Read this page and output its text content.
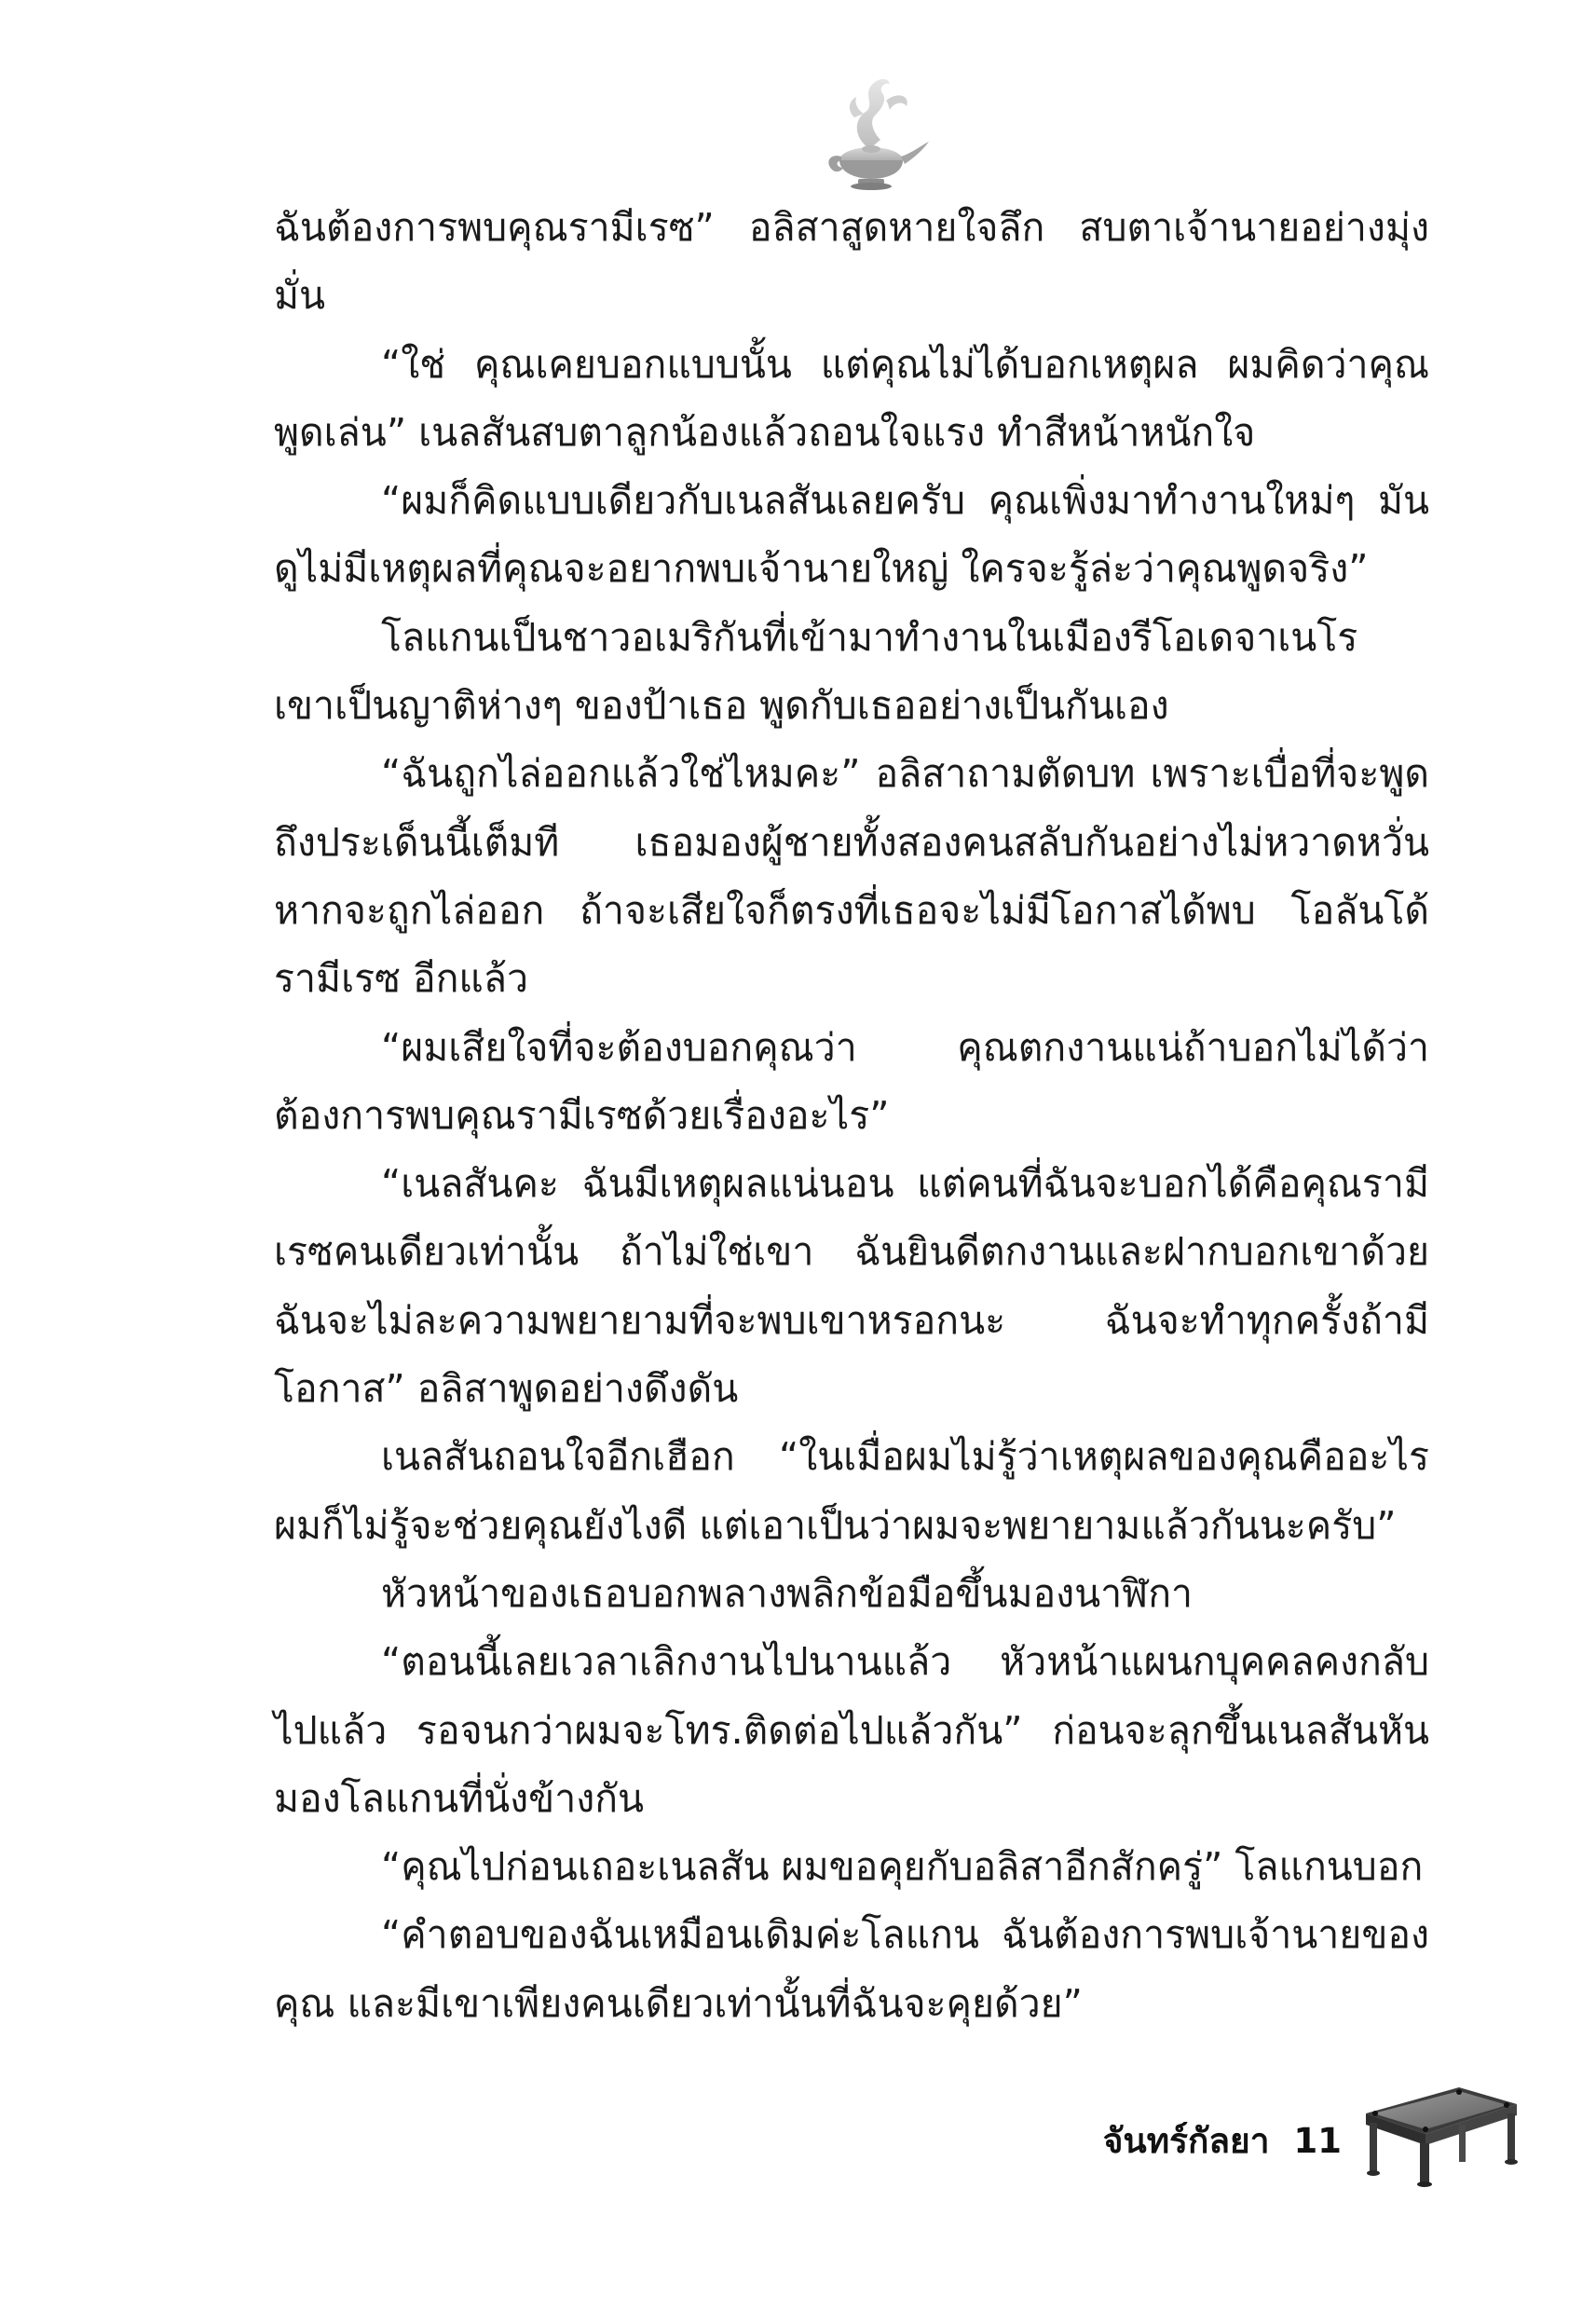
ฉันต้องการพบคุณรามีเรซ” อลิสาสูดหายใจลึก สบตาเจ้านายอย่างมุ่งมั่น

“ใช่ คุณเคยบอกแบบนั้น แต่คุณไม่ได้บอกเหตุผล ผมคิดว่าคุณพูดเล่น” เนลสันสบตาลูกน้องแล้วถอนใจแรง ทำสีหน้าหนักใจ

“ผมก็คิดแบบเดียวกับเนลสันเลยครับ คุณเพิ่งมาทำงานใหม่ๆ มันดูไม่มีเหตุผลที่คุณจะอยากพบเจ้านายใหญ่ ใครจะรู้ล่ะว่าคุณพูดจริง”

โลแกนเป็นชาวอเมริกันที่เข้ามาทำงานในเมืองรีโอเดจาเนโร เขาเป็นญาติห่างๆ ของป้าเธอ พูดกับเธออย่างเป็นกันเอง

“ฉันถูกไล่ออกแล้วใช่ไหมคะ” อลิสาถามตัดบท เพราะเบื่อที่จะพูดถึงประเด็นนี้เต็มที เธอมองผู้ชายทั้งสองคนสลับกันอย่างไม่หวาดหวั่น หากจะถูกไล่ออก ถ้าจะเสียใจก็ตรงที่เธอจะไม่มีโอกาสได้พบ โอลันโด้ รามีเรซ อีกแล้ว

“ผมเสียใจที่จะต้องบอกคุณว่า คุณตกงานแน่ถ้าบอกไม่ได้ว่าต้องการพบคุณรามีเรซด้วยเรื่องอะไร”

“เนลสันคะ ฉันมีเหตุผลแน่นอน แต่คนที่ฉันจะบอกได้คือคุณรามีเรซคนเดียวเท่านั้น ถ้าไม่ใช่เขา ฉันยินดีตกงานและฝากบอกเขาด้วย ฉันจะไม่ละความพยายามที่จะพบเขาหรอกนะ ฉันจะทำทุกครั้งถ้ามีโอกาส” อลิสาพูดอย่างดึงดัน

เนลสันถอนใจอีกเฮือก “ในเมื่อผมไม่รู้ว่าเหตุผลของคุณคืออะไร ผมก็ไม่รู้จะช่วยคุณยังไงดี แต่เอาเป็นว่าผมจะพยายามแล้วกันนะครับ”

หัวหน้าของเธอบอกพลางพลิกข้อมือขึ้นมองนาฬิกา

“ตอนนี้เลยเวลาเลิกงานไปนานแล้ว หัวหน้าแผนกบุคคลคงกลับไปแล้ว รอจนกว่าผมจะโทร.ติดต่อไปแล้วกัน” ก่อนจะลุกขึ้นเนลสันหันมองโลแกนที่นั่งข้างกัน

“คุณไปก่อนเถอะเนลสัน ผมขอคุยกับอลิสาอีกสักครู่” โลแกนบอก

“คำตอบของฉันเหมือนเดิมค่ะโลแกน ฉันต้องการพบเจ้านายของคุณ และมีเขาเพียงคนเดียวเท่านั้นที่ฉันจะคุยด้วย”

จันทร์กัลยา 11
